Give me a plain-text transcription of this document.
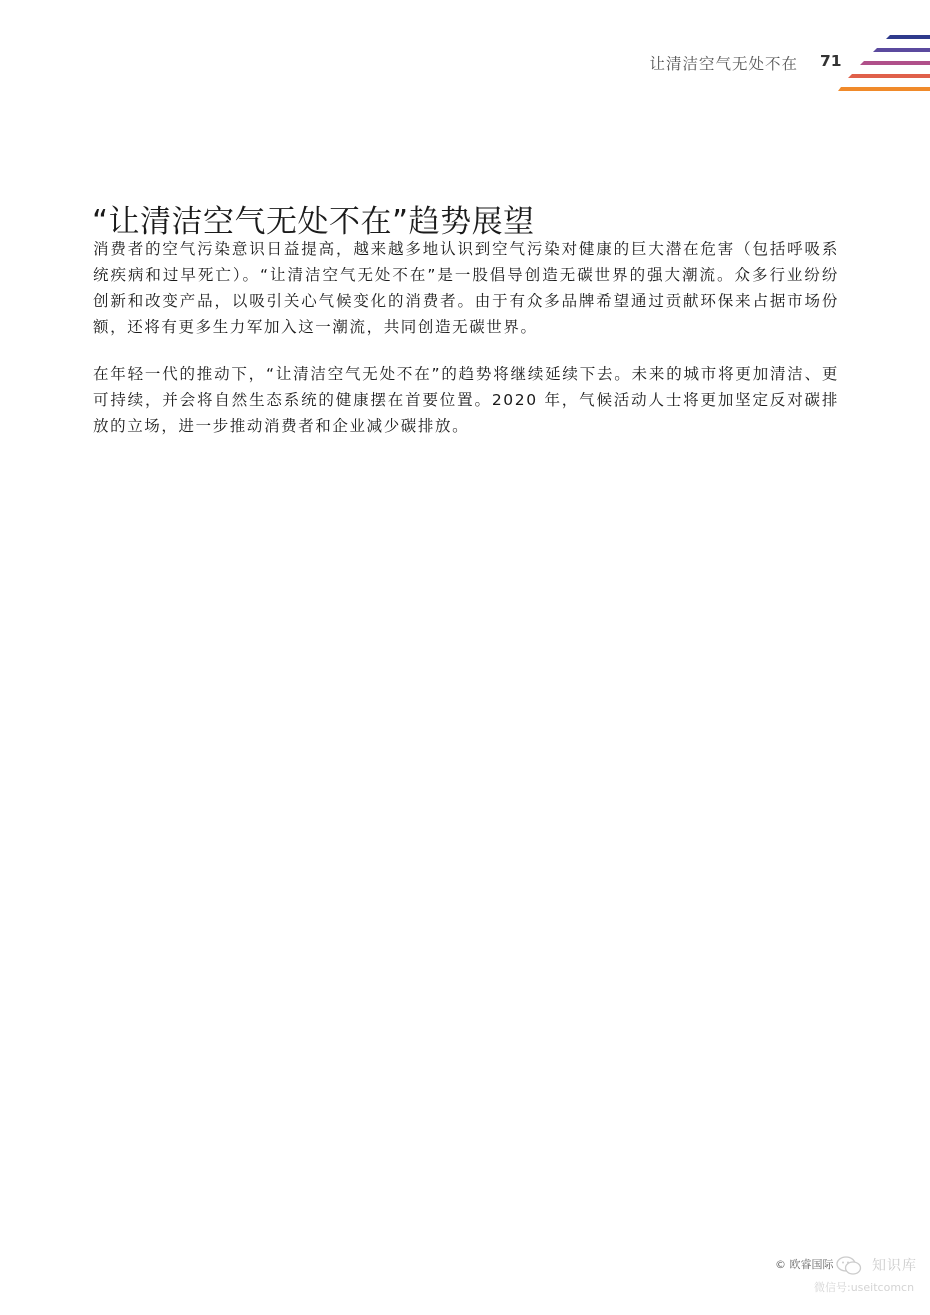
让清洁空气无处不在 71
“让清洁空气无处不在”趋势展望

消费者的空气污染意识日益提高，越来越多地认识到空气污染对健康的巨大潜在危害（包括呼吸系统疾病和过早死亡）。“让清洁空气无处不在”是一股倡导创造无碳世界的强大潮流。众多行业纷纷创新和改变产品，以吸引关心气候变化的消费者。由于有众多品牌希望通过贡献环保来占据市场份额，还将有更多生力军加入这一潮流，共同创造无碳世界。

在年轻一代的推动下，“让清洁空气无处不在”的趋势将继续延续下去。未来的城市将更加清洁、更可持续，并会将自然生态系统的健康摆在首要位置。2020 年，气候活动人士将更加坚定反对碳排放的立场，进一步推动消费者和企业减少碳排放。

© 欧睿国际	知识库
微信号:useitcomcn
